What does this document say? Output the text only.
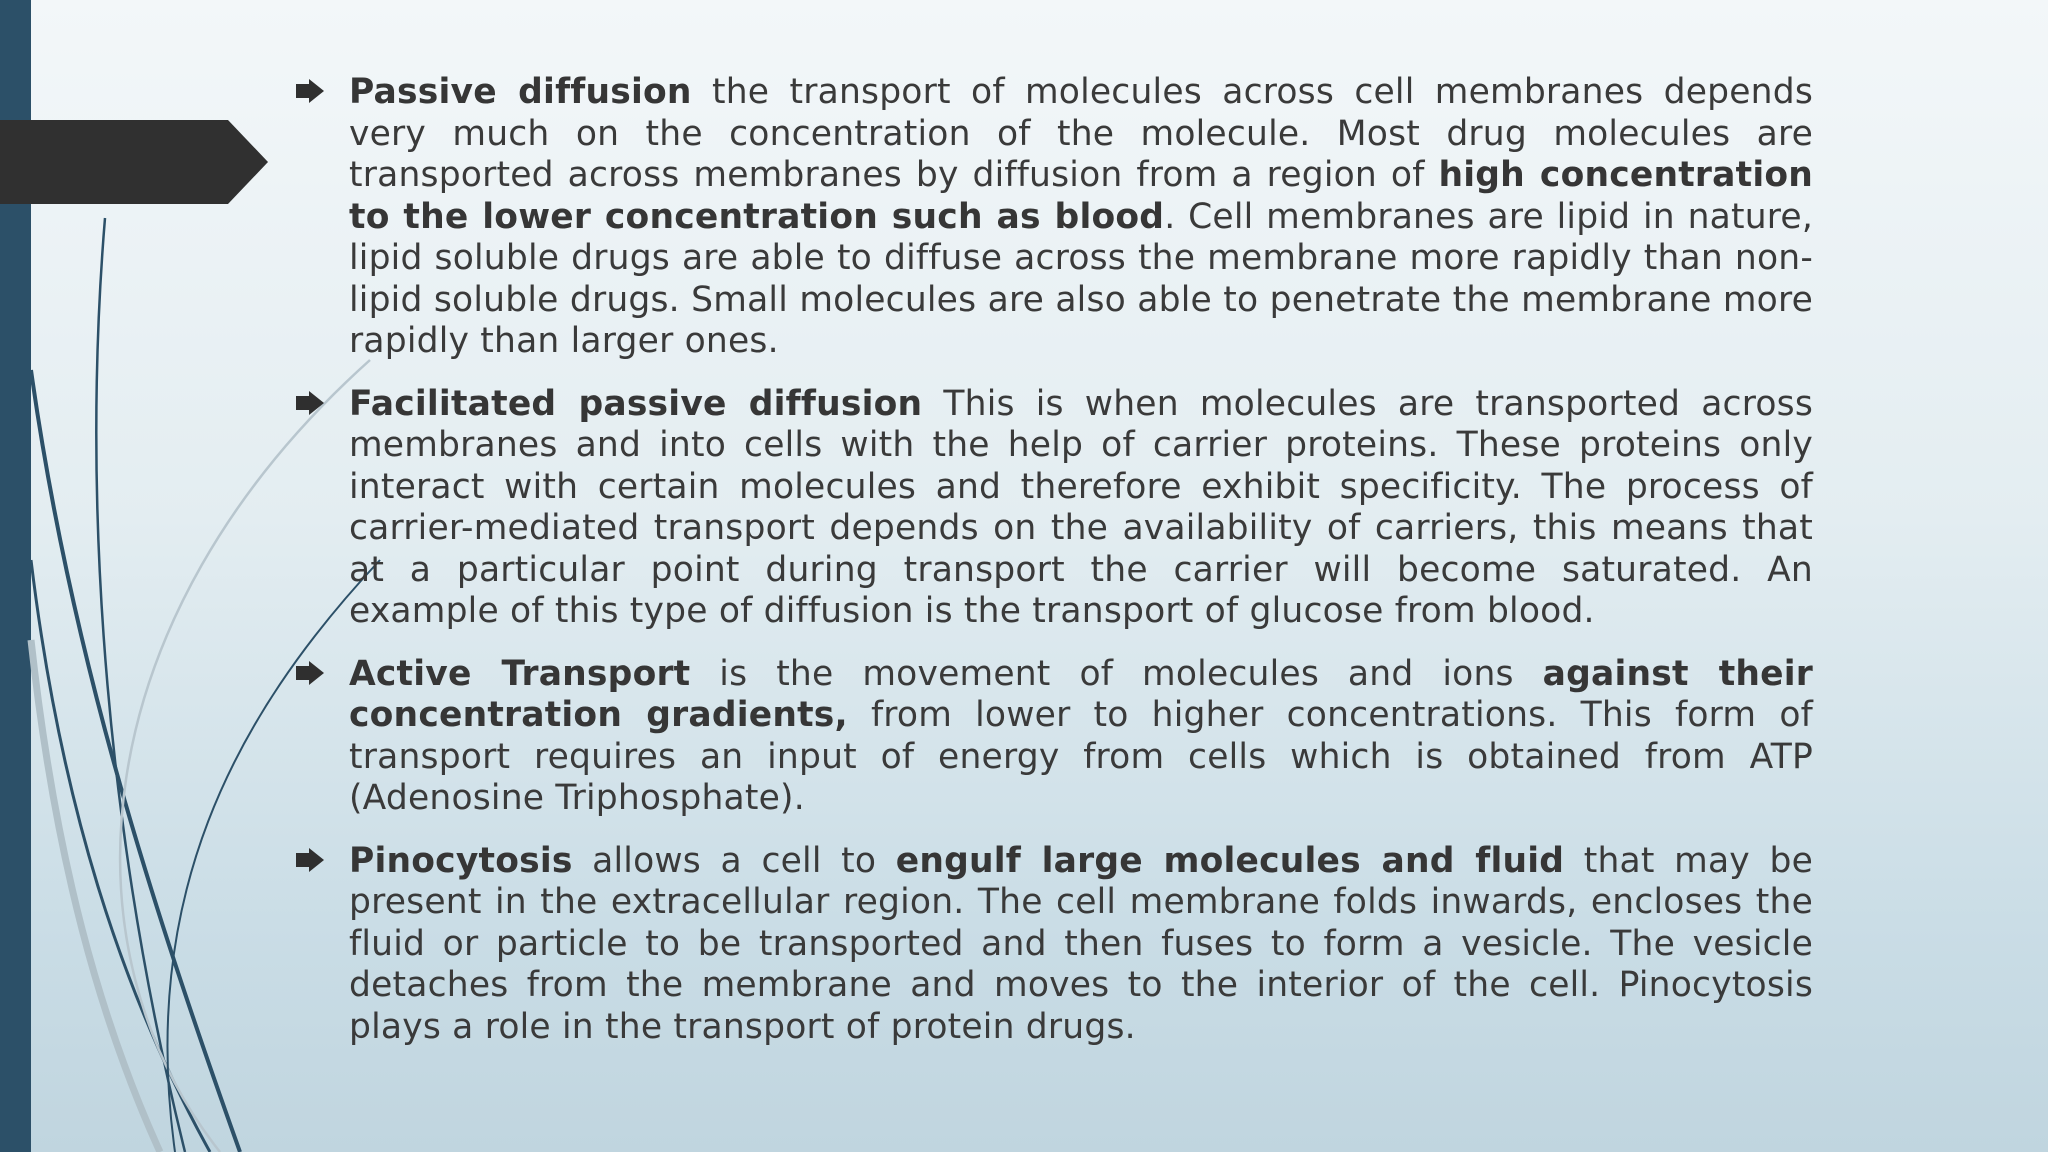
Passive diffusion the transport of molecules across cell membranes depends very much on the concentration of the molecule. Most drug molecules are transported across membranes by diffusion from a region of high concentration to the lower concentration such as blood. Cell membranes are lipid in nature, lipid soluble drugs are able to diffuse across the membrane more rapidly than non-lipid soluble drugs. Small molecules are also able to penetrate the membrane more rapidly than larger ones.

Facilitated passive diffusion This is when molecules are transported across membranes and into cells with the help of carrier proteins. These proteins only interact with certain molecules and therefore exhibit specificity. The process of carrier-mediated transport depends on the availability of carriers, this means that at a particular point during transport the carrier will become saturated. An example of this type of diffusion is the transport of glucose from blood.

Active Transport is the movement of molecules and ions against their concentration gradients, from lower to higher concentrations. This form of transport requires an input of energy from cells which is obtained from ATP (Adenosine Triphosphate).

Pinocytosis allows a cell to engulf large molecules and fluid that may be present in the extracellular region. The cell membrane folds inwards, encloses the fluid or particle to be transported and then fuses to form a vesicle. The vesicle detaches from the membrane and moves to the interior of the cell. Pinocytosis plays a role in the transport of protein drugs.
